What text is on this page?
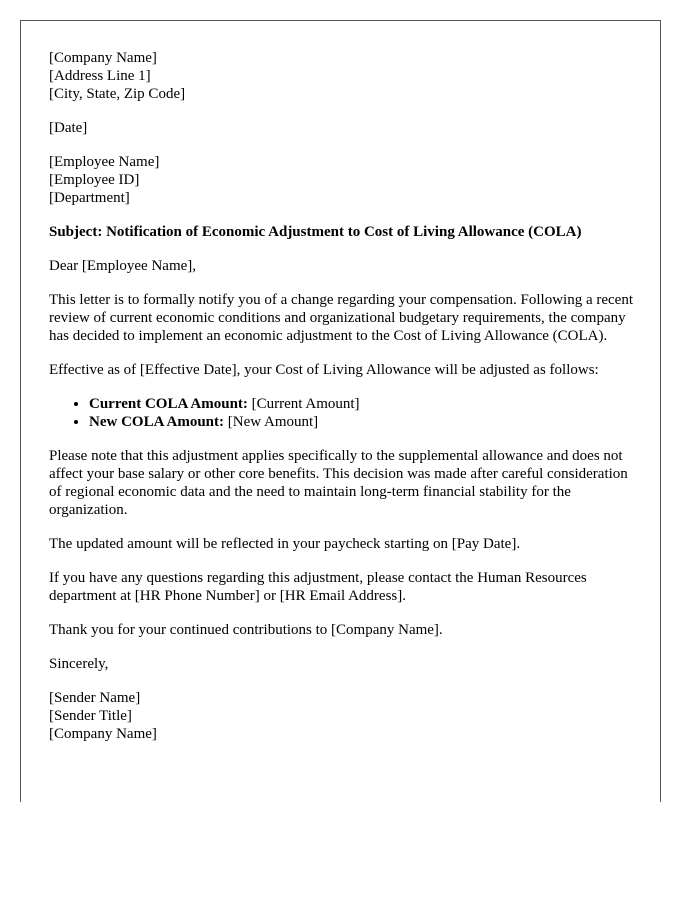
[Company Name]
[Address Line 1]
[City, State, Zip Code]

[Date]

[Employee Name]
[Employee ID]
[Department]

Subject: Notification of Economic Adjustment to Cost of Living Allowance (COLA)

Dear [Employee Name],

This letter is to formally notify you of a change regarding your compensation. Following a recent review of current economic conditions and organizational budgetary requirements, the company has decided to implement an economic adjustment to the Cost of Living Allowance (COLA).

Effective as of [Effective Date], your Cost of Living Allowance will be adjusted as follows:

• Current COLA Amount: [Current Amount]
• New COLA Amount: [New Amount]

Please note that this adjustment applies specifically to the supplemental allowance and does not affect your base salary or other core benefits. This decision was made after careful consideration of regional economic data and the need to maintain long-term financial stability for the organization.

The updated amount will be reflected in your paycheck starting on [Pay Date].

If you have any questions regarding this adjustment, please contact the Human Resources department at [HR Phone Number] or [HR Email Address].

Thank you for your continued contributions to [Company Name].

Sincerely,

[Sender Name]
[Sender Title]
[Company Name]
